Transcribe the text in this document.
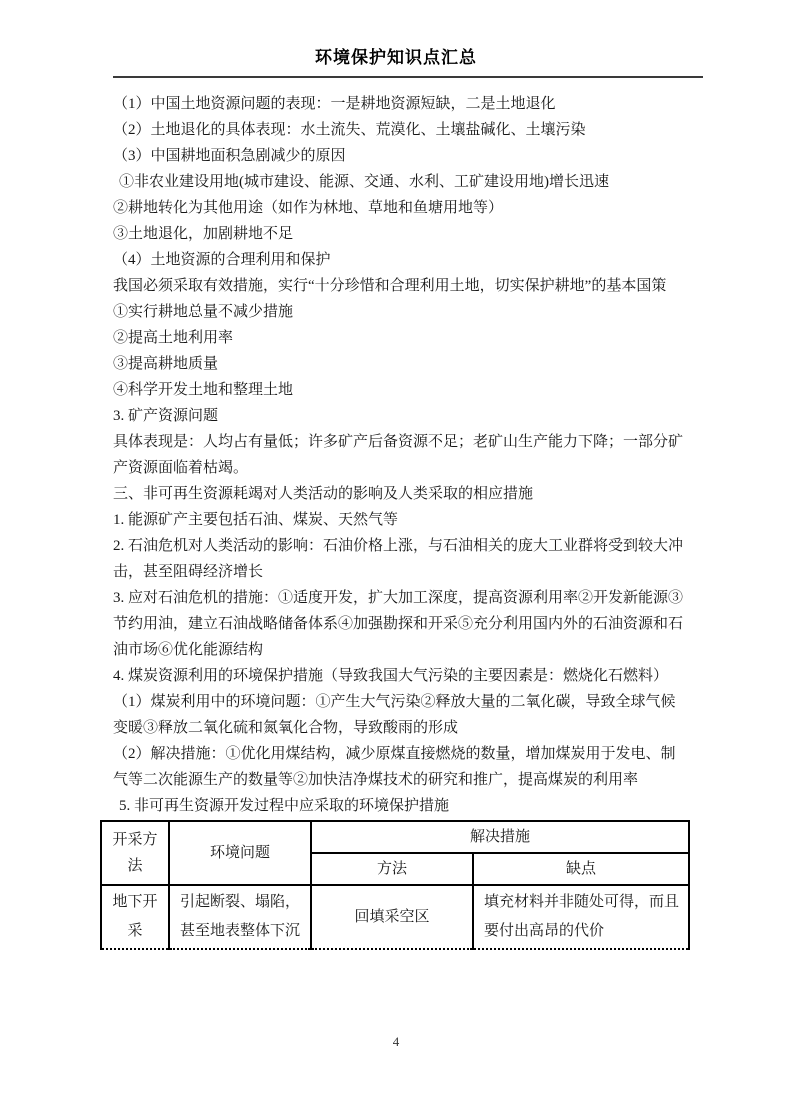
环境保护知识点汇总

（1）中国土地资源问题的表现：一是耕地资源短缺，二是土地退化

（2）土地退化的具体表现：水土流失、荒漠化、土壤盐碱化、土壤污染

（3）中国耕地面积急剧减少的原因

①非农业建设用地(城市建设、能源、交通、水利、工矿建设用地)增长迅速

②耕地转化为其他用途（如作为林地、草地和鱼塘用地等）

③土地退化，加剧耕地不足

（4）土地资源的合理利用和保护

我国必须采取有效措施，实行“十分珍惜和合理利用土地，切实保护耕地”的基本国策

①实行耕地总量不减少措施

②提高土地利用率

③提高耕地质量

④科学开发土地和整理土地

3. 矿产资源问题

具体表现是：人均占有量低；许多矿产后备资源不足；老矿山生产能力下降；一部分矿产资源面临着枯竭。

三、非可再生资源耗竭对人类活动的影响及人类采取的相应措施

1. 能源矿产主要包括石油、煤炭、天然气等

2. 石油危机对人类活动的影响：石油价格上涨，与石油相关的庞大工业群将受到较大冲击，甚至阻碍经济增长

3. 应对石油危机的措施：①适度开发，扩大加工深度，提高资源利用率②开发新能源③节约用油，建立石油战略储备体系④加强勘探和开采⑤充分利用国内外的石油资源和石油市场⑥优化能源结构

4. 煤炭资源利用的环境保护措施（导致我国大气污染的主要因素是：燃烧化石燃料）

（1）煤炭利用中的环境问题：①产生大气污染②释放大量的二氧化碳，导致全球气候变暖③释放二氧化硫和氮氧化合物，导致酸雨的形成

（2）解决措施：①优化用煤结构，减少原煤直接燃烧的数量，增加煤炭用于发电、制气等二次能源生产的数量等②加快洁净煤技术的研究和推广，提高煤炭的利用率

5. 非可再生资源开发过程中应采取的环境保护措施

开采方法	环境问题	解决措施	
		方法	缺点
地下开采	引起断裂、塌陷，甚至地表整体下沉	回填采空区	填充材料并非随处可得，而且要付出高昂的代价
4
